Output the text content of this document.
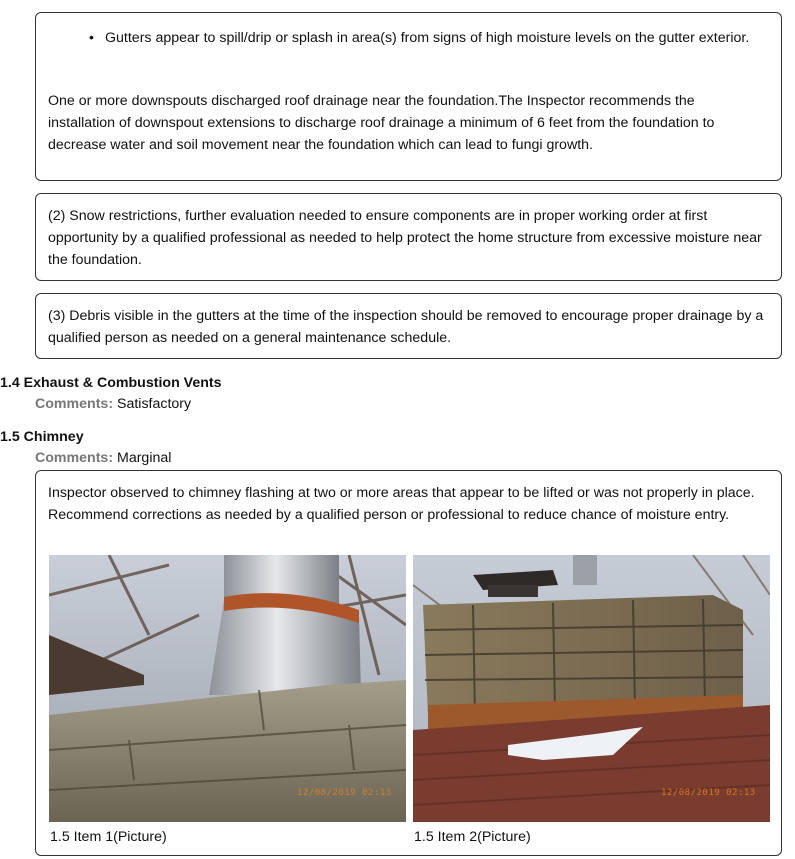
• Gutters appear to spill/drip or splash in area(s) from signs of high moisture levels on the gutter exterior.

One or more downspouts discharged roof drainage near the foundation.The Inspector recommends the installation of downspout extensions to discharge roof drainage a minimum of 6 feet from the foundation to decrease water and soil movement near the foundation which can lead to fungi growth.

(2) Snow restrictions, further evaluation needed to ensure components are in proper working order at first opportunity by a qualified professional as needed to help protect the home structure from excessive moisture near the foundation.

(3) Debris visible in the gutters at the time of the inspection should be removed to encourage proper drainage by a qualified person as needed on a general maintenance schedule.

1.4 Exhaust & Combustion Vents
Comments: Satisfactory
1.5 Chimney
Comments: Marginal

Inspector observed to chimney flashing at two or more areas that appear to be lifted or was not properly in place. Recommend corrections as needed by a qualified person or professional to reduce chance of moisture entry.

12/08/2019 02:13
1.5 Item 1(Picture)
12/08/2019 02:13
1.5 Item 2(Picture)
